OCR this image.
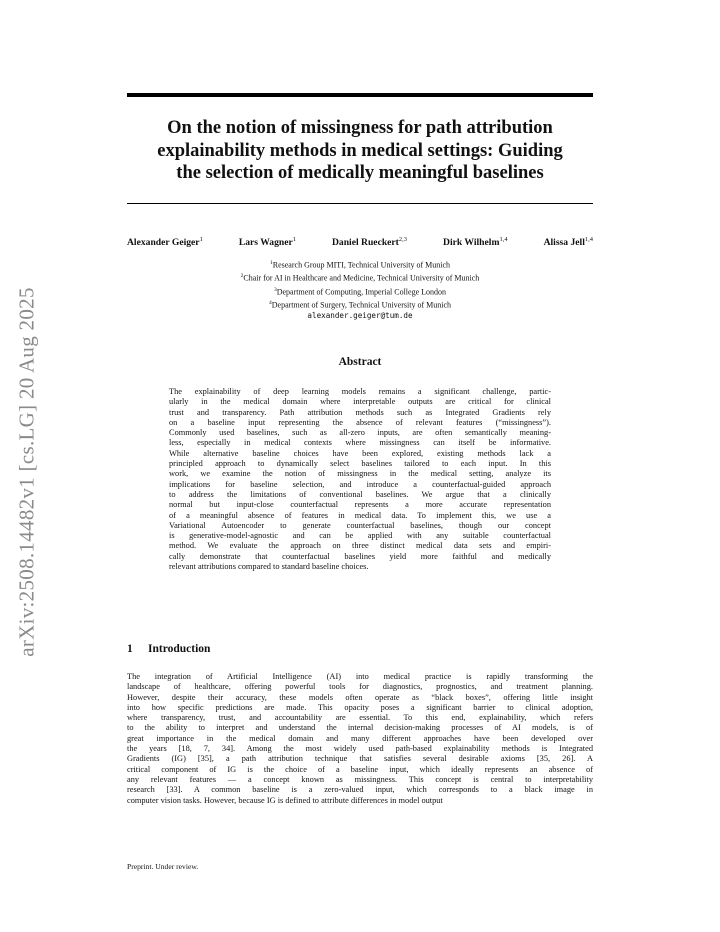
arXiv:2508.14482v1 [cs.LG] 20 Aug 2025
On the notion of missingness for path attribution
explainability methods in medical settings: Guiding
the selection of medically meaningful baselines
Alexander Geiger$^1$	Lars Wagner$^1$	Daniel Rueckert$^{2,3}$	Dirk Wilhelm$^{1,4}$	Alissa Jell$^{1,4}$
$^1$Research Group MITI, Technical University of Munich
$^2$Chair for AI in Healthcare and Medicine, Technical University of Munich
$^3$Department of Computing, Imperial College London
$^4$Department of Surgery, Technical University of Munich
alexander.geiger@tum.de
Abstract
The explainability of deep learning models remains a significant challenge, partic-
ularly in the medical domain where interpretable outputs are critical for clinical
trust and transparency. Path attribution methods such as Integrated Gradients rely
on a baseline input representing the absence of relevant features (“missingness”).
Commonly used baselines, such as all-zero inputs, are often semantically meaning-
less, especially in medical contexts where missingness can itself be informative.
While alternative baseline choices have been explored, existing methods lack a
principled approach to dynamically select baselines tailored to each input. In this
work, we examine the notion of missingness in the medical setting, analyze its
implications for baseline selection, and introduce a counterfactual-guided approach
to address the limitations of conventional baselines. We argue that a clinically
normal but input-close counterfactual represents a more accurate representation
of a meaningful absence of features in medical data. To implement this, we use a
Variational Autoencoder to generate counterfactual baselines, though our concept
is generative-model-agnostic and can be applied with any suitable counterfactual
method. We evaluate the approach on three distinct medical data sets and empiri-
cally demonstrate that counterfactual baselines yield more faithful and medically
relevant attributions compared to standard baseline choices.
1 Introduction
The integration of Artificial Intelligence (AI) into medical practice is rapidly transforming the
landscape of healthcare, offering powerful tools for diagnostics, prognostics, and treatment planning.
However, despite their accuracy, these models often operate as “black boxes”, offering little insight
into how specific predictions are made. This opacity poses a significant barrier to clinical adoption,
where transparency, trust, and accountability are essential. To this end, explainability, which refers
to the ability to interpret and understand the internal decision-making processes of AI models, is of
great importance in the medical domain and many different approaches have been developed over
the years [18, 7, 34]. Among the most widely used path-based explainability methods is Integrated
Gradients (IG) [35], a path attribution technique that satisfies several desirable axioms [35, 26]. A
critical component of IG is the choice of a baseline input, which ideally represents an absence of
any relevant features — a concept known as missingness. This concept is central to interpretability
research [33]. A common baseline is a zero-valued input, which corresponds to a black image in
computer vision tasks. However, because IG is defined to attribute differences in model output
Preprint. Under review.
